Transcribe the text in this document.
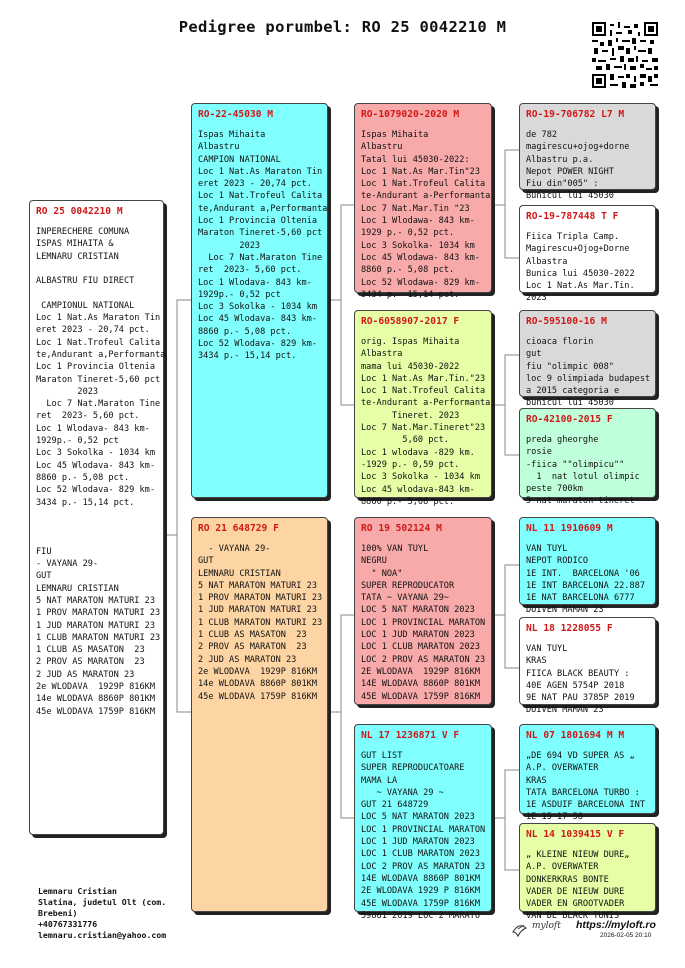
Pedigree porumbel: RO 25 0042210 M
RO 25 0042210 M
INPERECHERE COMUNA
ISPAS MIHAITA &
LEMNARU CRISTIAN

ALBASTRU FIU DIRECT

CAMPIONUL NATIONAL
Loc 1 Nat.As Maraton Tin
eret 2023 - 20,74 pct.
Loc 1 Nat.Trofeul Calita
te,Andurant a,Performanta
Loc 1 Provincia Oltenia
Maraton Tineret-5,60 pct
2023
Loc 7 Nat.Maraton Tine
ret  2023- 5,60 pct.
Loc 1 Wlodava- 843 km-
1929p.- 0,52 pct
Loc 3 Sokolka - 1034 km
Loc 45 Wlodava- 843 km-
8860 p.- 5,08 pct.
Loc 52 Wlodava- 829 km-
3434 p.- 15,14 pct.

FIU
- VAYANA 29-
GUT
LEMNARU CRISTIAN
5 NAT MARATON MATURI 23
1 PROV MARATON MATURI 23
1 JUD MARATON MATURI 23
1 CLUB MARATON MATURI 23
1 CLUB AS MASATON  23
2 PROV AS MARATON  23
2 JUD AS MARATON 23
2e WLODAVA  1929P 816KM
14e WLODAVA 8860P 801KM
45e WLODAVA 1759P 816KM
RO-22-45030 M
Ispas Mihaita
Albastru
CAMPION NATIONAL
Loc 1 Nat.As Maraton Tin
eret 2023 - 20,74 pct.
Loc 1 Nat.Trofeul Calita
te,Andurant a,Performanta
Loc 1 Provincia Oltenia
Maraton Tineret-5,60 pct
2023
Loc 7 Nat.Maraton Tine
ret  2023- 5,60 pct.
Loc 1 Wlodava- 843 km-
1929p.- 0,52 pct
Loc 3 Sokolka - 1034 km
Loc 45 Wlodava- 843 km-
8860 p.- 5,08 pct.
Loc 52 Wlodava- 829 km-
3434 p.- 15,14 pct.
RO 21 648729 F
- VAYANA 29-
GUT
LEMNARU CRISTIAN
5 NAT MARATON MATURI 23
1 PROV MARATON MATURI 23
1 JUD MARATON MATURI 23
1 CLUB MARATON MATURI 23
1 CLUB AS MASATON  23
2 PROV AS MARATON  23
2 JUD AS MARATON 23
2e WLODAVA  1929P 816KM
14e WLODAVA 8860P 801KM
45e WLODAVA 1759P 816KM
RO-1079020-2020 M
Ispas Mihaita
Albastru
Tatal lui 45030-2022:
Loc 1 Nat.As Mar.Tin"23
Loc 1 Nat.Trofeul Calita
te-Andurant a-Performanta
Loc 7 Nat.Mar.Tin "23
Loc 1 Wlodawa- 843 km-
1929 p.- 0,52 pct.
Loc 3 Sokolka- 1034 km
Loc 45 Wlodawa- 843 km-
8860 p.- 5,08 pct.
Loc 52 Wlodawa- 829 km-
3434 p.- 15,14 pct.
RO-6058907-2017 F
orig. Ispas Mihaita
Albastra
mama lui 45030-2022
Loc 1 Nat.As Mar.Tin."23
Loc 1 Nat.Trofeul Calita
te-Andurant a-Performanta
Tineret. 2023
Loc 7 Nat.Mar.Tineret"23
5,60 pct.
Loc 1 wlodava -829 km.
-1929 p.- 0,59 pct.
Loc 3 Sokolka - 1034 km
Loc 45 wlodava-843 km-
8860 p.- 5,08 pct.
RO 19 502124 M
100% VAN TUYL
NEGRU
" NOA"
SUPER REPRODUCATOR
TATA ~ VAYANA 29~
LOC 5 NAT MARATON 2023
LOC 1 PROVINCIAL MARATON
LOC 1 JUD MARATON 2023
LOC 1 CLUB MARATON 2023
LOC 2 PROV AS MARATON 23
2E WLODAVA  1929P 816KM
14E WLODAVA 8860P 801KM
45E WLODAVA 1759P 816KM
NL 17 1236871 V F
GUT LIST
SUPER REPRODUCATOARE
MAMA LA
~ VAYANA 29 ~
GUT 21 648729
LOC 5 NAT MARATON 2023
LOC 1 PROVINCIAL MARATON
LOC 1 JUD MARATON 2023
LOC 1 CLUB MARATON 2023
LOC 2 PROV AS MARATON 23
14E WLODAVA 8860P 801KM
2E WLODAVA 1929 P 816KM
45E WLODAVA 1759P 816KM
59861 2019 LOC 2 MARATO
RO-19-706782 L7 M
de 782
magirescu+ojog+dorne
Albastru p.a.
Nepot POWER NIGHT
Fiu din"005" :
Bunicul lui 45030
RO-19-787448 T F
Fiica Tripla Camp.
Magirescu+Ojog+Dorne
Albastra
Bunica lui 45030-2022
Loc 1 Nat.As Mar.Tin.
2023
RO-595100-16 M
cioaca florin
gut
fiu "olimpic 008"
loc 9 olimpiada budapest
a 2015 categoria e
bunicul lui 45030
RO-42100-2015 F
preda gheorghe
rosie
-fiica ""olimpicu""
1  nat lotul olimpic
peste 700km
5 nat maraton tineret
NL 11 1910609 M
VAN TUYL
NEPOT RODICO
1E INT.  BARCELONA '06
1E INT BARCELONA 22.887
1E NAT BARCELONA 6777
DUIVEN MAMAN 23
NL 18 1228055 F
VAN TUYL
KRAS
FIICA BLACK BEAUTY :
40E AGEN 5754P 2018
9E NAT PAU 3785P 2019
DUIVEN MAMAN 23
NL 07 1801694 M M
„DE 694 VD SUPER AS „
A.P. OVERWATER
KRAS
TATA BARCELONA TURBO :
1E ASDUIF BARCELONA INT
1E 15 17 58
NL 14 1039415 V F
„ KLEINE NIEUW DURE„
A.P. OVERWATER
DONKERKRAS BONTE
VADER DE NIEUW DURE
VADER EN GROOTVADER
VAN DE BLACK TUNIS
Lemnaru Cristian
Slatina, judetul Olt (com.
Brebeni)
+40767331776
lemnaru.cristian@yahoo.com
myloft https://myloft.ro
2026-02-05 20:10
